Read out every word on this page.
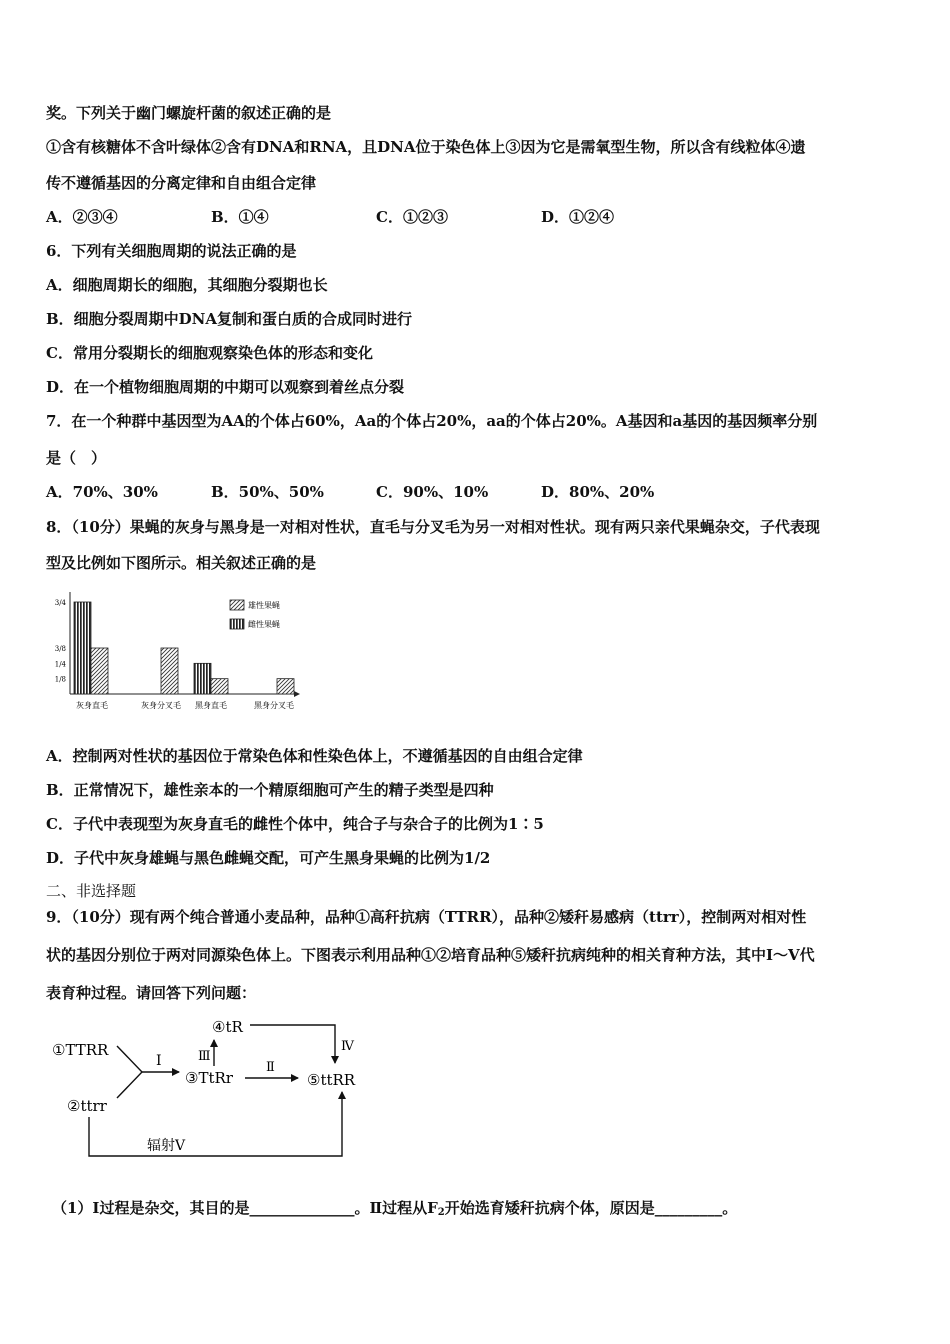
奖。下列关于幽门螺旋杆菌的叙述正确的是
①含有核糖体不含叶绿体②含有DNA和RNA，且DNA位于染色体上③因为它是需氧型生物，所以含有线粒体④遗
传不遵循基因的分离定律和自由组合定律
A．②③④	B．①④	C．①②③	D．①②④
6．下列有关细胞周期的说法正确的是
A．细胞周期长的细胞，其细胞分裂期也长
B．细胞分裂周期中DNA复制和蛋白质的合成同时进行
C．常用分裂期长的细胞观察染色体的形态和变化
D．在一个植物细胞周期的中期可以观察到着丝点分裂
7．在一个种群中基因型为AA的个体占60%，Aa的个体占20%，aa的个体占20%。A基因和a基因的基因频率分别
是（　）
A．70%、30%	B．50%、50%	C．90%、10%	D．80%、20%
8．（10分）果蝇的灰身与黑身是一对相对性状，直毛与分叉毛为另一对相对性状。现有两只亲代果蝇杂交，子代表现
型及比例如下图所示。相关叙述正确的是
3/4
3/8
1/4
1/8
灰身直毛	灰身分叉毛 黑身直毛	黑身分叉毛
雄性果蝇
雌性果蝇
A．控制两对性状的基因位于常染色体和性染色体上，不遵循基因的自由组合定律
B．正常情况下，雄性亲本的一个精原细胞可产生的精子类型是四种
C．子代中表现型为灰身直毛的雌性个体中，纯合子与杂合子的比例为1∶5
D．子代中灰身雄蝇与黑色雌蝇交配，可产生黑身果蝇的比例为1/2
二、非选择题
9．（10分）现有两个纯合普通小麦品种，品种①高秆抗病（TTRR），品种②矮秆易感病（ttrr），控制两对相对性
状的基因分别位于两对同源染色体上。下图表示利用品种①②培育品种⑤矮秆抗病纯种的相关育种方法，其中Ⅰ～Ⅴ代
表育种过程。请回答下列问题：
①TTRR
②ttrr
③TtRr
④tR
⑤ttRR
Ⅰ	Ⅲ
Ⅱ
Ⅳ
辐射Ⅴ
（1）Ⅰ过程是杂交，其目的是______________。Ⅱ过程从$F_2$开始选育矮秆抗病个体，原因是_________。
